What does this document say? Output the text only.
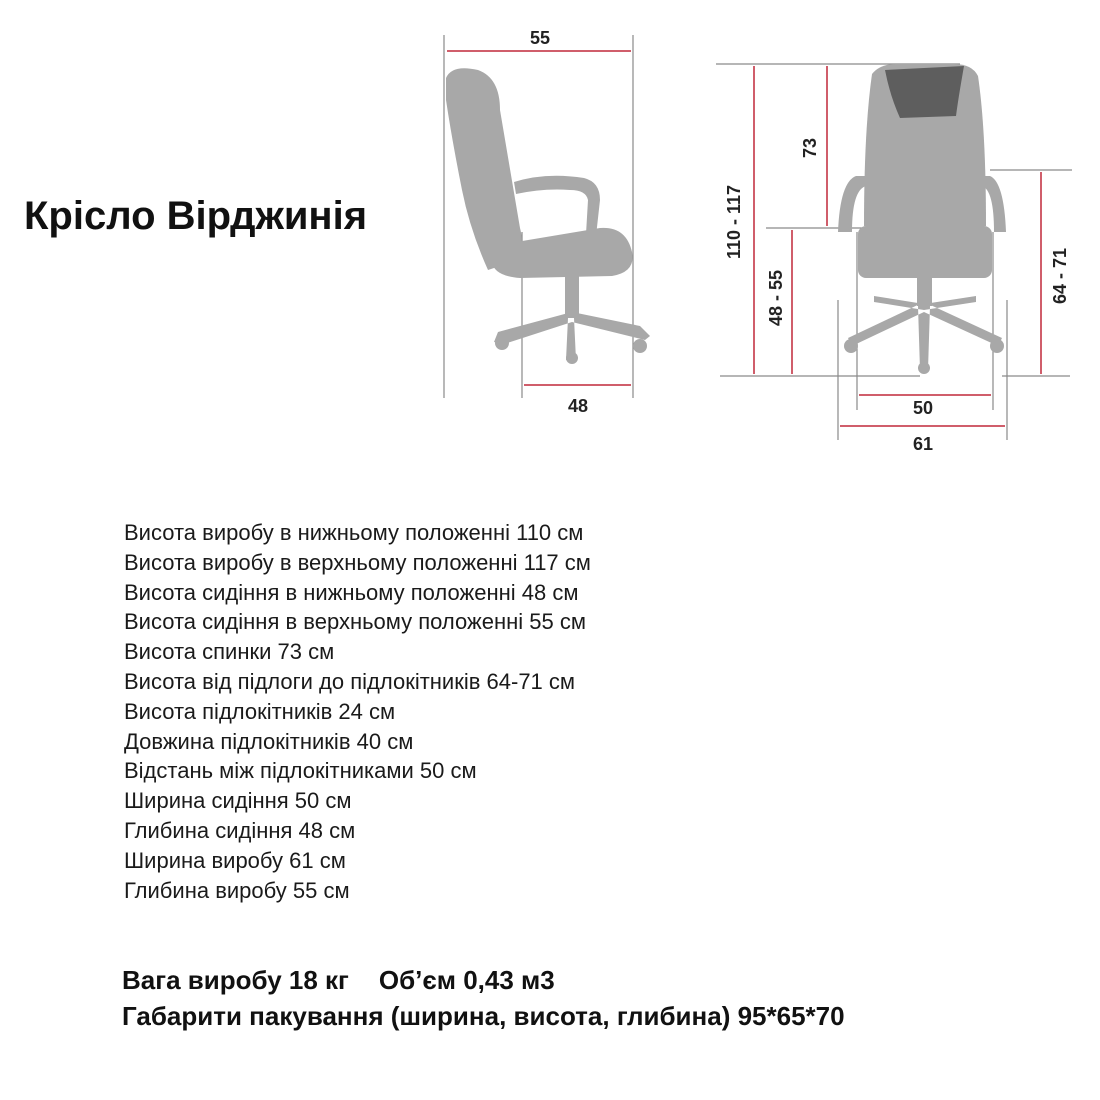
Крісло Вірджинія
55
48
110 - 117
48 - 55
73
64 - 71
50
61
Висота виробу в нижньому положенні 110 см
Висота виробу в верхньому положенні 117 см
Висота сидіння в нижньому положенні 48 см
Висота сидіння в верхньому положенні 55 см
Висота спинки 73 см
Висота від підлоги до підлокітників 64-71 см
Висота підлокітників 24 см
Довжина підлокітників 40 см
Відстань між підлокітниками 50 см
Ширина сидіння 50 см
Глибина сидіння 48 см
Ширина виробу 61 см
Глибина виробу 55 см
Вага виробу 18 кг Об’єм 0,43 м3
Габарити пакування (ширина, висота, глибина) 95*65*70
